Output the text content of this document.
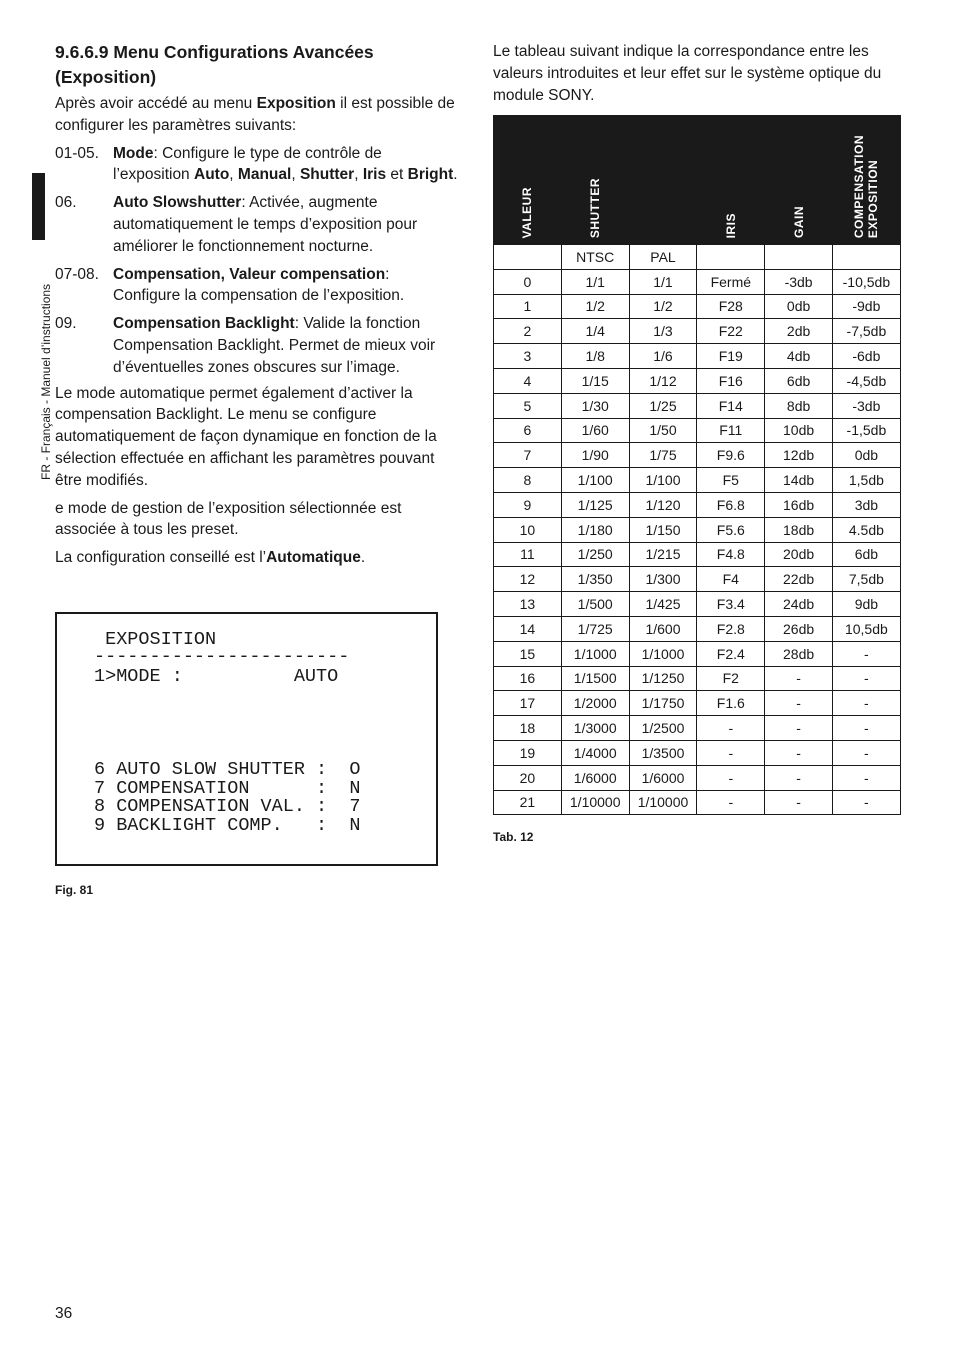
FR - Français - Manuel d’instructions
9.6.6.9 Menu Configurations Avancées
(Exposition)

Après avoir accédé au menu Exposition il est possible de configurer les paramètres suivants:

01-05. Mode: Configure le type de contrôle de l’exposition Auto, Manual, Shutter, Iris et Bright.
06.	Auto Slowshutter: Activée, augmente automatiquement le temps d’exposition pour améliorer le fonctionnement nocturne.
07-08. Compensation, Valeur compensation: Configure la compensation de l’exposition.
09.	Compensation Backlight: Valide la fonction Compensation Backlight. Permet de mieux voir d’éventuelles zones obscures sur l’image.

Le mode automatique permet également d’activer la compensation Backlight. Le menu se configure automatiquement de façon dynamique en fonction de la sélection effectuée en affichant les paramètres pouvant être modifiés.

e mode de gestion de l’exposition sélectionnée est associée à tous les preset.

La configuration conseillé est l’Automatique.

EXPOSITION
-----------------------
1>MODE :          AUTO
6 AUTO SLOW SHUTTER :  O
7 COMPENSATION      :  N
8 COMPENSATION VAL. :  7
9 BACKLIGHT COMP.   :  N
Fig. 81

Le tableau suivant indique la correspondance entre les valeurs introduites et leur effet sur le système optique du module SONY.

VALEUR	SHUTTER		IRIS	GAIN	COMPENSATION
EXPOSITION

	NTSC	PAL			
0	1/1	1/1	Fermé	-3db	-10,5db
1	1/2	1/2	F28	0db	-9db
2	1/4	1/3	F22	2db	-7,5db
3	1/8	1/6	F19	4db	-6db
4	1/15	1/12	F16	6db	-4,5db
5	1/30	1/25	F14	8db	-3db
6	1/60	1/50	F11	10db	-1,5db
7	1/90	1/75	F9.6	12db	0db
8	1/100	1/100	F5	14db	1,5db
9	1/125	1/120	F6.8	16db	3db
10	1/180	1/150	F5.6	18db	4.5db
11	1/250	1/215	F4.8	20db	6db
12	1/350	1/300	F4	22db	7,5db
13	1/500	1/425	F3.4	24db	9db
14	1/725	1/600	F2.8	26db	10,5db
15	1/1000	1/1000	F2.4	28db	-
16	1/1500	1/1250	F2	-	-
17	1/2000	1/1750	F1.6	-	-
18	1/3000	1/2500	-	-	-
19	1/4000	1/3500	-	-	-
20	1/6000	1/6000	-	-	-
21	1/10000	1/10000	-	-	-
Tab. 12
36
